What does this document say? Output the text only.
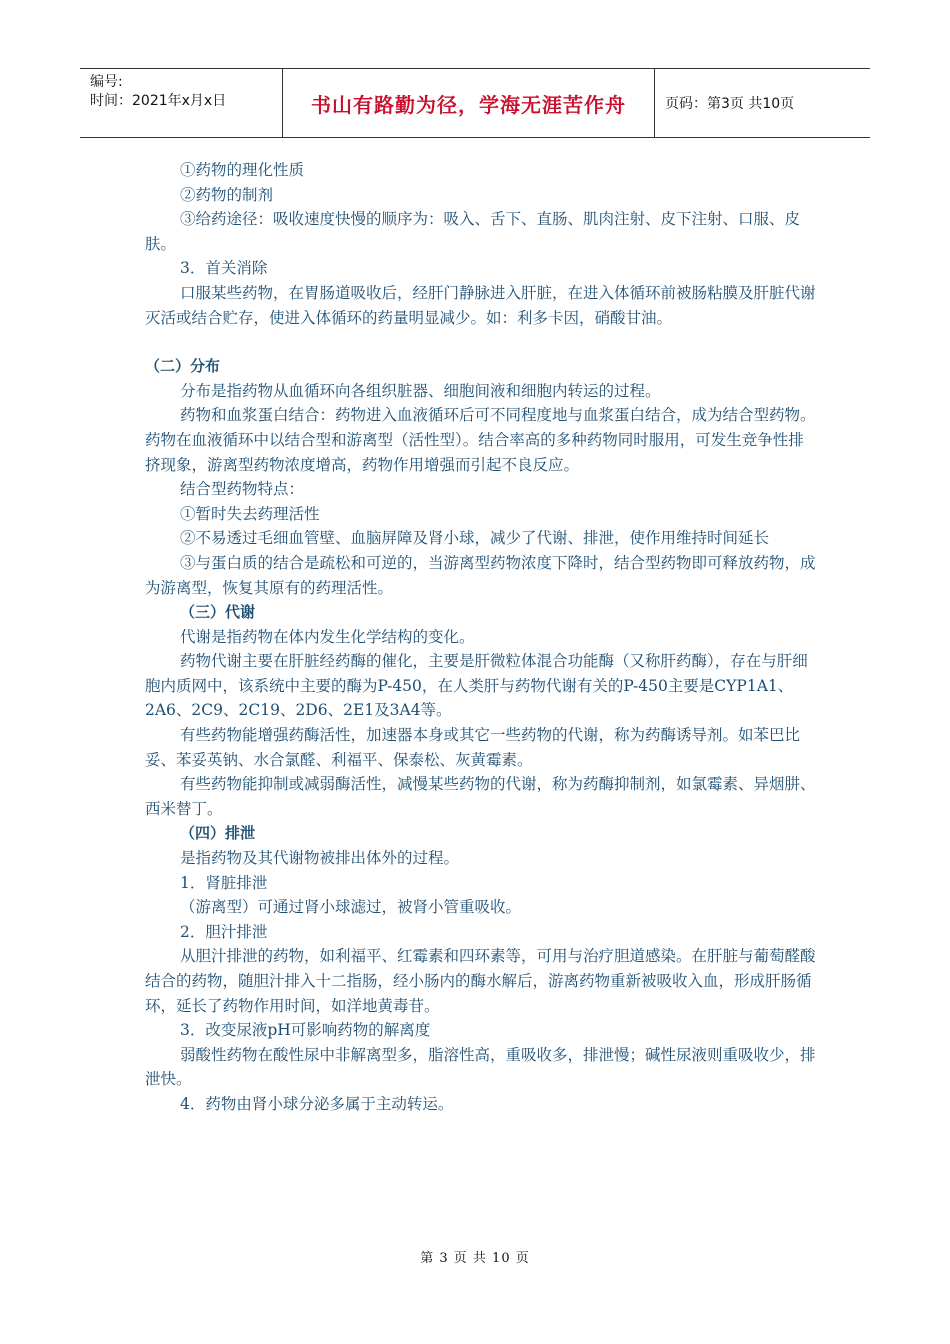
编号:
时间：2021年x月x日	书山有路勤为径，学海无涯苦作舟	页码：第3页 共10页

①药物的理化性质

②药物的制剂

③给药途径：吸收速度快慢的顺序为：吸入、舌下、直肠、肌肉注射、皮下注射、口服、皮肤。

3．首关消除

口服某些药物，在胃肠道吸收后，经肝门静脉进入肝脏，在进入体循环前被肠粘膜及肝脏代谢灭活或结合贮存，使进入体循环的药量明显减少。如：利多卡因，硝酸甘油。

（二）分布

分布是指药物从血循环向各组织脏器、细胞间液和细胞内转运的过程。

药物和血浆蛋白结合：药物进入血液循环后可不同程度地与血浆蛋白结合，成为结合型药物。药物在血液循环中以结合型和游离型（活性型）。结合率高的多种药物同时服用，可发生竞争性排挤现象，游离型药物浓度增高，药物作用增强而引起不良反应。

结合型药物特点：

①暂时失去药理活性

②不易透过毛细血管壁、血脑屏障及肾小球，减少了代谢、排泄，使作用维持时间延长

③与蛋白质的结合是疏松和可逆的，当游离型药物浓度下降时，结合型药物即可释放药物，成为游离型，恢复其原有的药理活性。

（三）代谢

代谢是指药物在体内发生化学结构的变化。

药物代谢主要在肝脏经药酶的催化，主要是肝微粒体混合功能酶（又称肝药酶），存在与肝细胞内质网中，该系统中主要的酶为P-450，在人类肝与药物代谢有关的P-450主要是CYP1A1、2A6、2C9、2C19、2D6、2E1及3A4等。

有些药物能增强药酶活性，加速器本身或其它一些药物的代谢，称为药酶诱导剂。如苯巴比妥、苯妥英钠、水合氯醛、利福平、保泰松、灰黄霉素。

有些药物能抑制或减弱酶活性，减慢某些药物的代谢，称为药酶抑制剂，如氯霉素、异烟肼、西米替丁。

（四）排泄

是指药物及其代谢物被排出体外的过程。

1．肾脏排泄

（游离型）可通过肾小球滤过，被肾小管重吸收。

2．胆汁排泄

从胆汁排泄的药物，如利福平、红霉素和四环素等，可用与治疗胆道感染。在肝脏与葡萄醛酸结合的药物，随胆汁排入十二指肠，经小肠内的酶水解后，游离药物重新被吸收入血，形成肝肠循环，延长了药物作用时间，如洋地黄毒苷。

3．改变尿液pH可影响药物的解离度

弱酸性药物在酸性尿中非解离型多，脂溶性高，重吸收多，排泄慢；碱性尿液则重吸收少，排泄快。

4．药物由肾小球分泌多属于主动转运。

第 3 页 共 10 页
